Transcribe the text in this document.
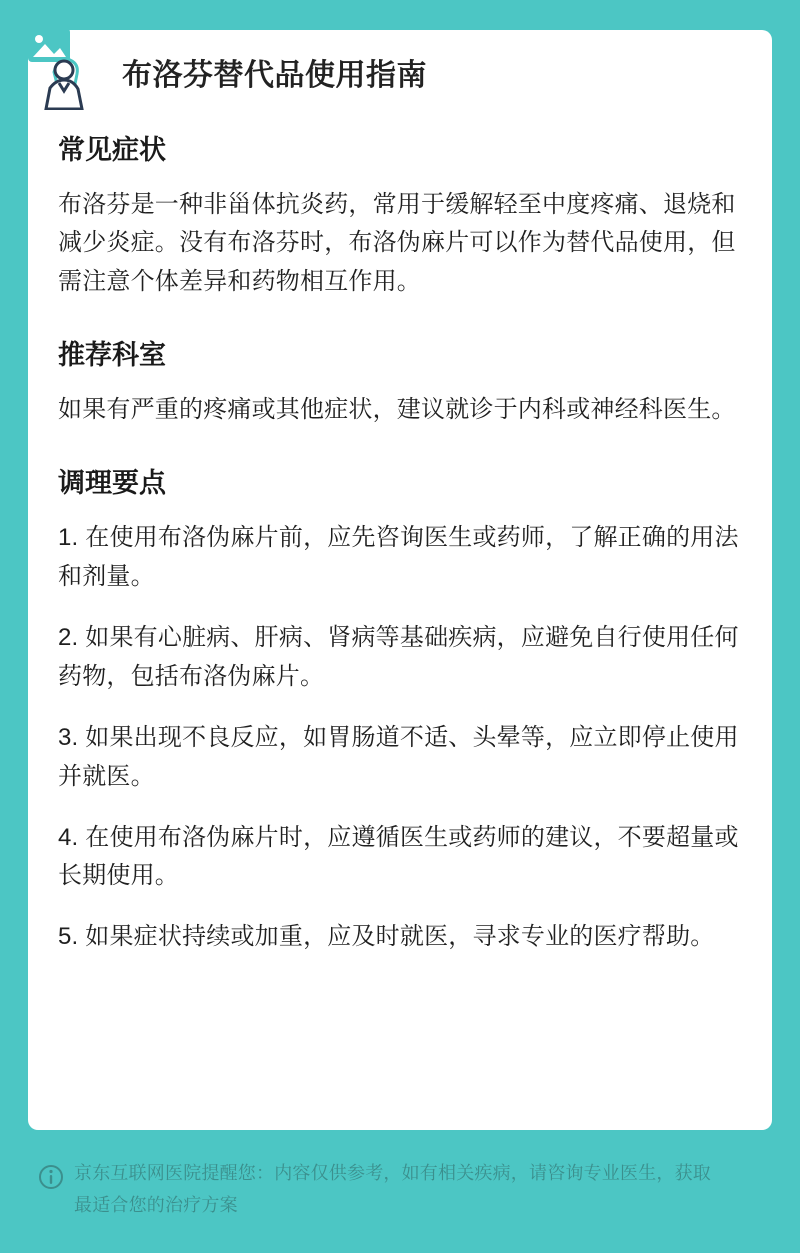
布洛芬替代品使用指南
常见症状

布洛芬是一种非甾体抗炎药，常用于缓解轻至中度疼痛、退烧和减少炎症。没有布洛芬时，布洛伪麻片可以作为替代品使用，但需注意个体差异和药物相互作用。

推荐科室

如果有严重的疼痛或其他症状，建议就诊于内科或神经科医生。

调理要点
1. 在使用布洛伪麻片前，应先咨询医生或药师，了解正确的用法和剂量。
2. 如果有心脏病、肝病、肾病等基础疾病，应避免自行使用任何药物，包括布洛伪麻片。
3. 如果出现不良反应，如胃肠道不适、头晕等，应立即停止使用并就医。
4. 在使用布洛伪麻片时，应遵循医生或药师的建议，不要超量或长期使用。
5. 如果症状持续或加重，应及时就医，寻求专业的医疗帮助。
京东互联网医院提醒您：内容仅供参考，如有相关疾病，请咨询专业医生，获取最适合您的治疗方案
